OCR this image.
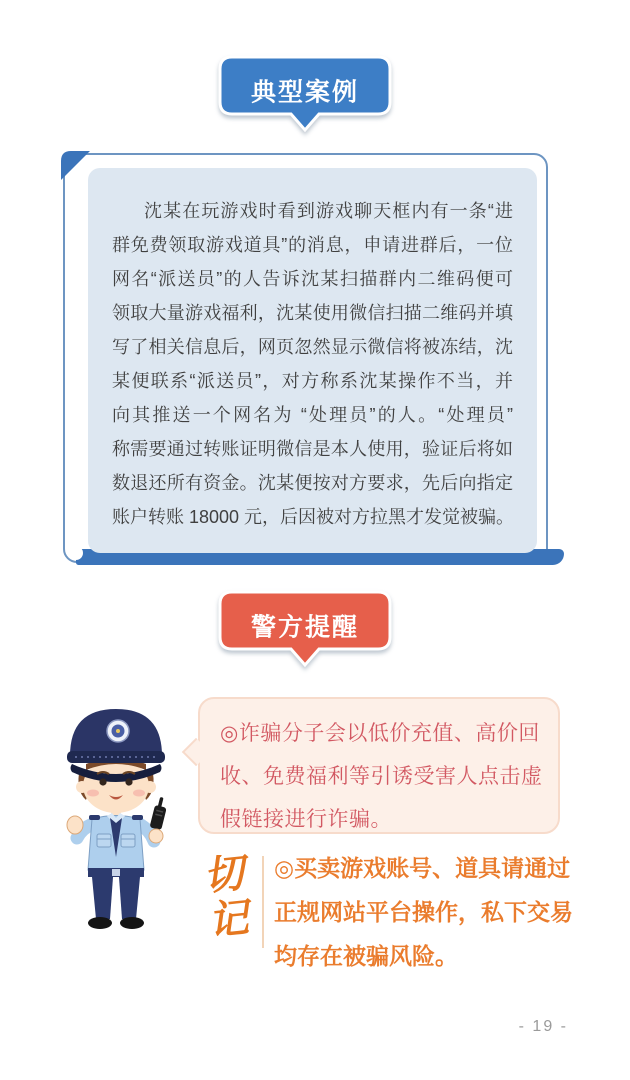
典型案例
沈某在玩游戏时看到游戏聊天框内有一条“进
群免费领取游戏道具”的消息，申请进群后，一位
网名“派送员”的人告诉沈某扫描群内二维码便可
领取大量游戏福利，沈某使用微信扫描二维码并填
写了相关信息后，网页忽然显示微信将被冻结，沈
某便联系“派送员”，对方称系沈某操作不当，并
向其推送一个网名为 “处理员”的人。“处理员”
称需要通过转账证明微信是本人使用，验证后将如
数退还所有资金。沈某便按对方要求，先后向指定
账户转账 18000 元，后因被对方拉黑才发觉被骗。
警方提醒
◎诈骗分子会以低价充值、高价回
收、免费福利等引诱受害人点击虚
假链接进行诈骗。
切
记
◎买卖游戏账号、道具请通过
正规网站平台操作，私下交易
均存在被骗风险。
- 19 -
